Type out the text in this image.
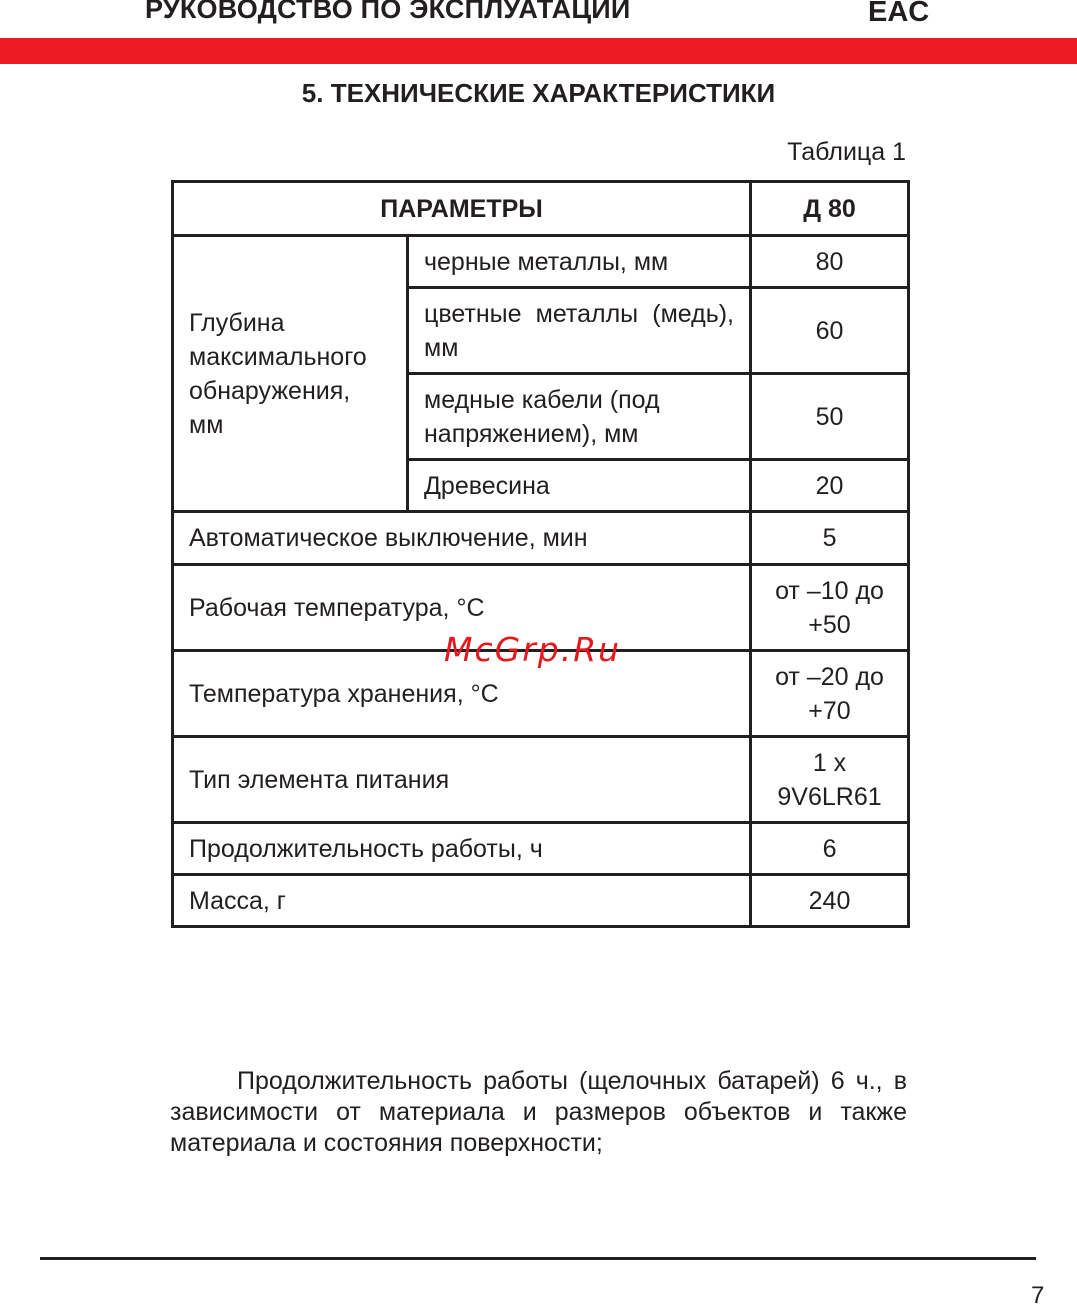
РУКОВОДСТВО ПО ЭКСПЛУАТАЦИИ	EAC
5. ТЕХНИЧЕСКИЕ ХАРАКТЕРИСТИКИ
Таблица 1
ПАРАМЕТРЫ		Д 80
Глубина максимального обнаружения, мм	черные металлы, мм	80

	цветные металлы (медь), мм	60
	медные кабели (под напряжением), мм	50
	Древесина	20
Автоматическое выключение, мин		5
Рабочая температура, °С		от –10 до +50
Температура хранения, °С		от –20 до +70
Тип элемента питания		1 x 9V6LR61
Продолжительность работы, ч		6
Масса, г		240
McGrp.Ru

Продолжительность работы (щелочных батарей) 6 ч., в зависимости от материала и размеров объектов и также материала и состояния поверхности;

7
